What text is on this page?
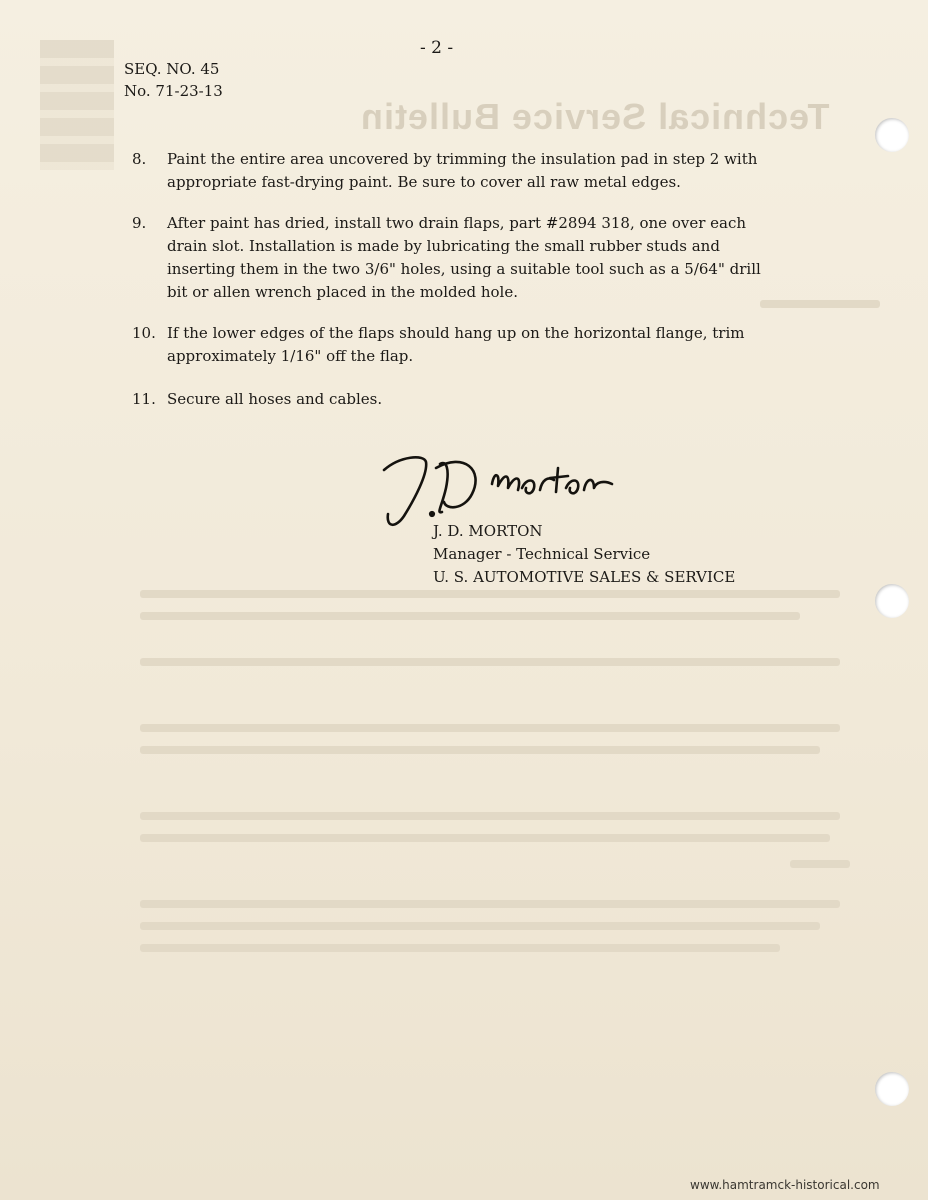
Technical Service Bulletin
- 2 -
SEQ. NO. 45
No. 71-23-13
8. Paint the entire area uncovered by trimming the insulation pad in step 2 with appropriate fast-drying paint. Be sure to cover all raw metal edges.
9. After paint has dried, install two drain flaps, part #2894 318, one over each drain slot. Installation is made by lubricating the small rubber studs and inserting them in the two 3/6" holes, using a suitable tool such as a 5/64" drill bit or allen wrench placed in the molded hole.
10. If the lower edges of the flaps should hang up on the horizontal flange, trim approximately 1/16" off the flap.
11. Secure all hoses and cables.
J. D. MORTON
Manager - Technical Service
U. S. AUTOMOTIVE SALES & SERVICE
www.hamtramck-historical.com
